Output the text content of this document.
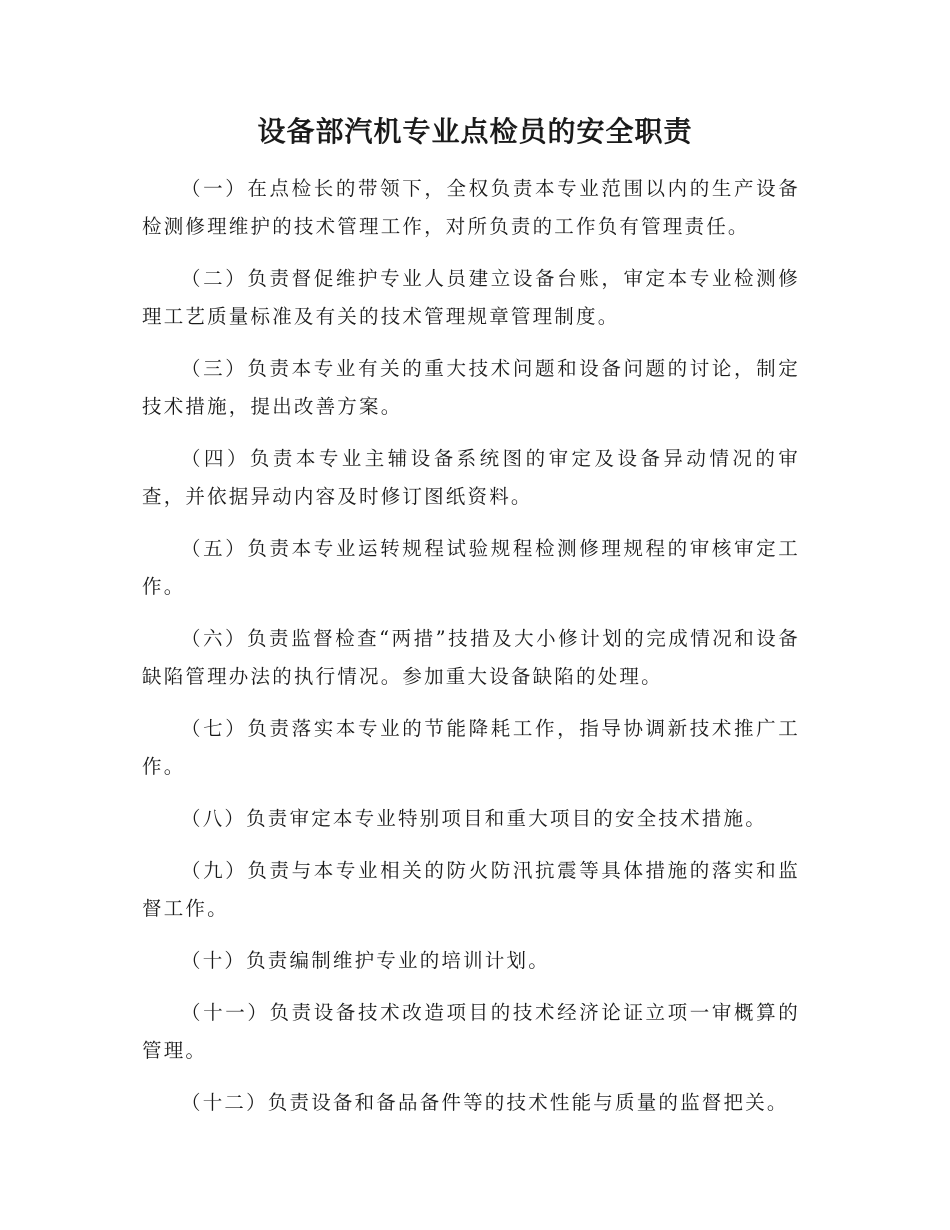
设备部汽机专业点检员的安全职责

（一）在点检长的带领下，全权负责本专业范围以内的生产设备检测修理维护的技术管理工作，对所负责的工作负有管理责任。

（二）负责督促维护专业人员建立设备台账，审定本专业检测修理工艺质量标准及有关的技术管理规章管理制度。

（三）负责本专业有关的重大技术问题和设备问题的讨论，制定技术措施，提出改善方案。

（四）负责本专业主辅设备系统图的审定及设备异动情况的审查，并依据异动内容及时修订图纸资料。

（五）负责本专业运转规程试验规程检测修理规程的审核审定工作。

（六）负责监督检查“两措”技措及大小修计划的完成情况和设备缺陷管理办法的执行情况。参加重大设备缺陷的处理。

（七）负责落实本专业的节能降耗工作，指导协调新技术推广工作。

（八）负责审定本专业特别项目和重大项目的安全技术措施。

（九）负责与本专业相关的防火防汛抗震等具体措施的落实和监督工作。

（十）负责编制维护专业的培训计划。

（十一）负责设备技术改造项目的技术经济论证立项一审概算的管理。

（十二）负责设备和备品备件等的技术性能与质量的监督把关。
